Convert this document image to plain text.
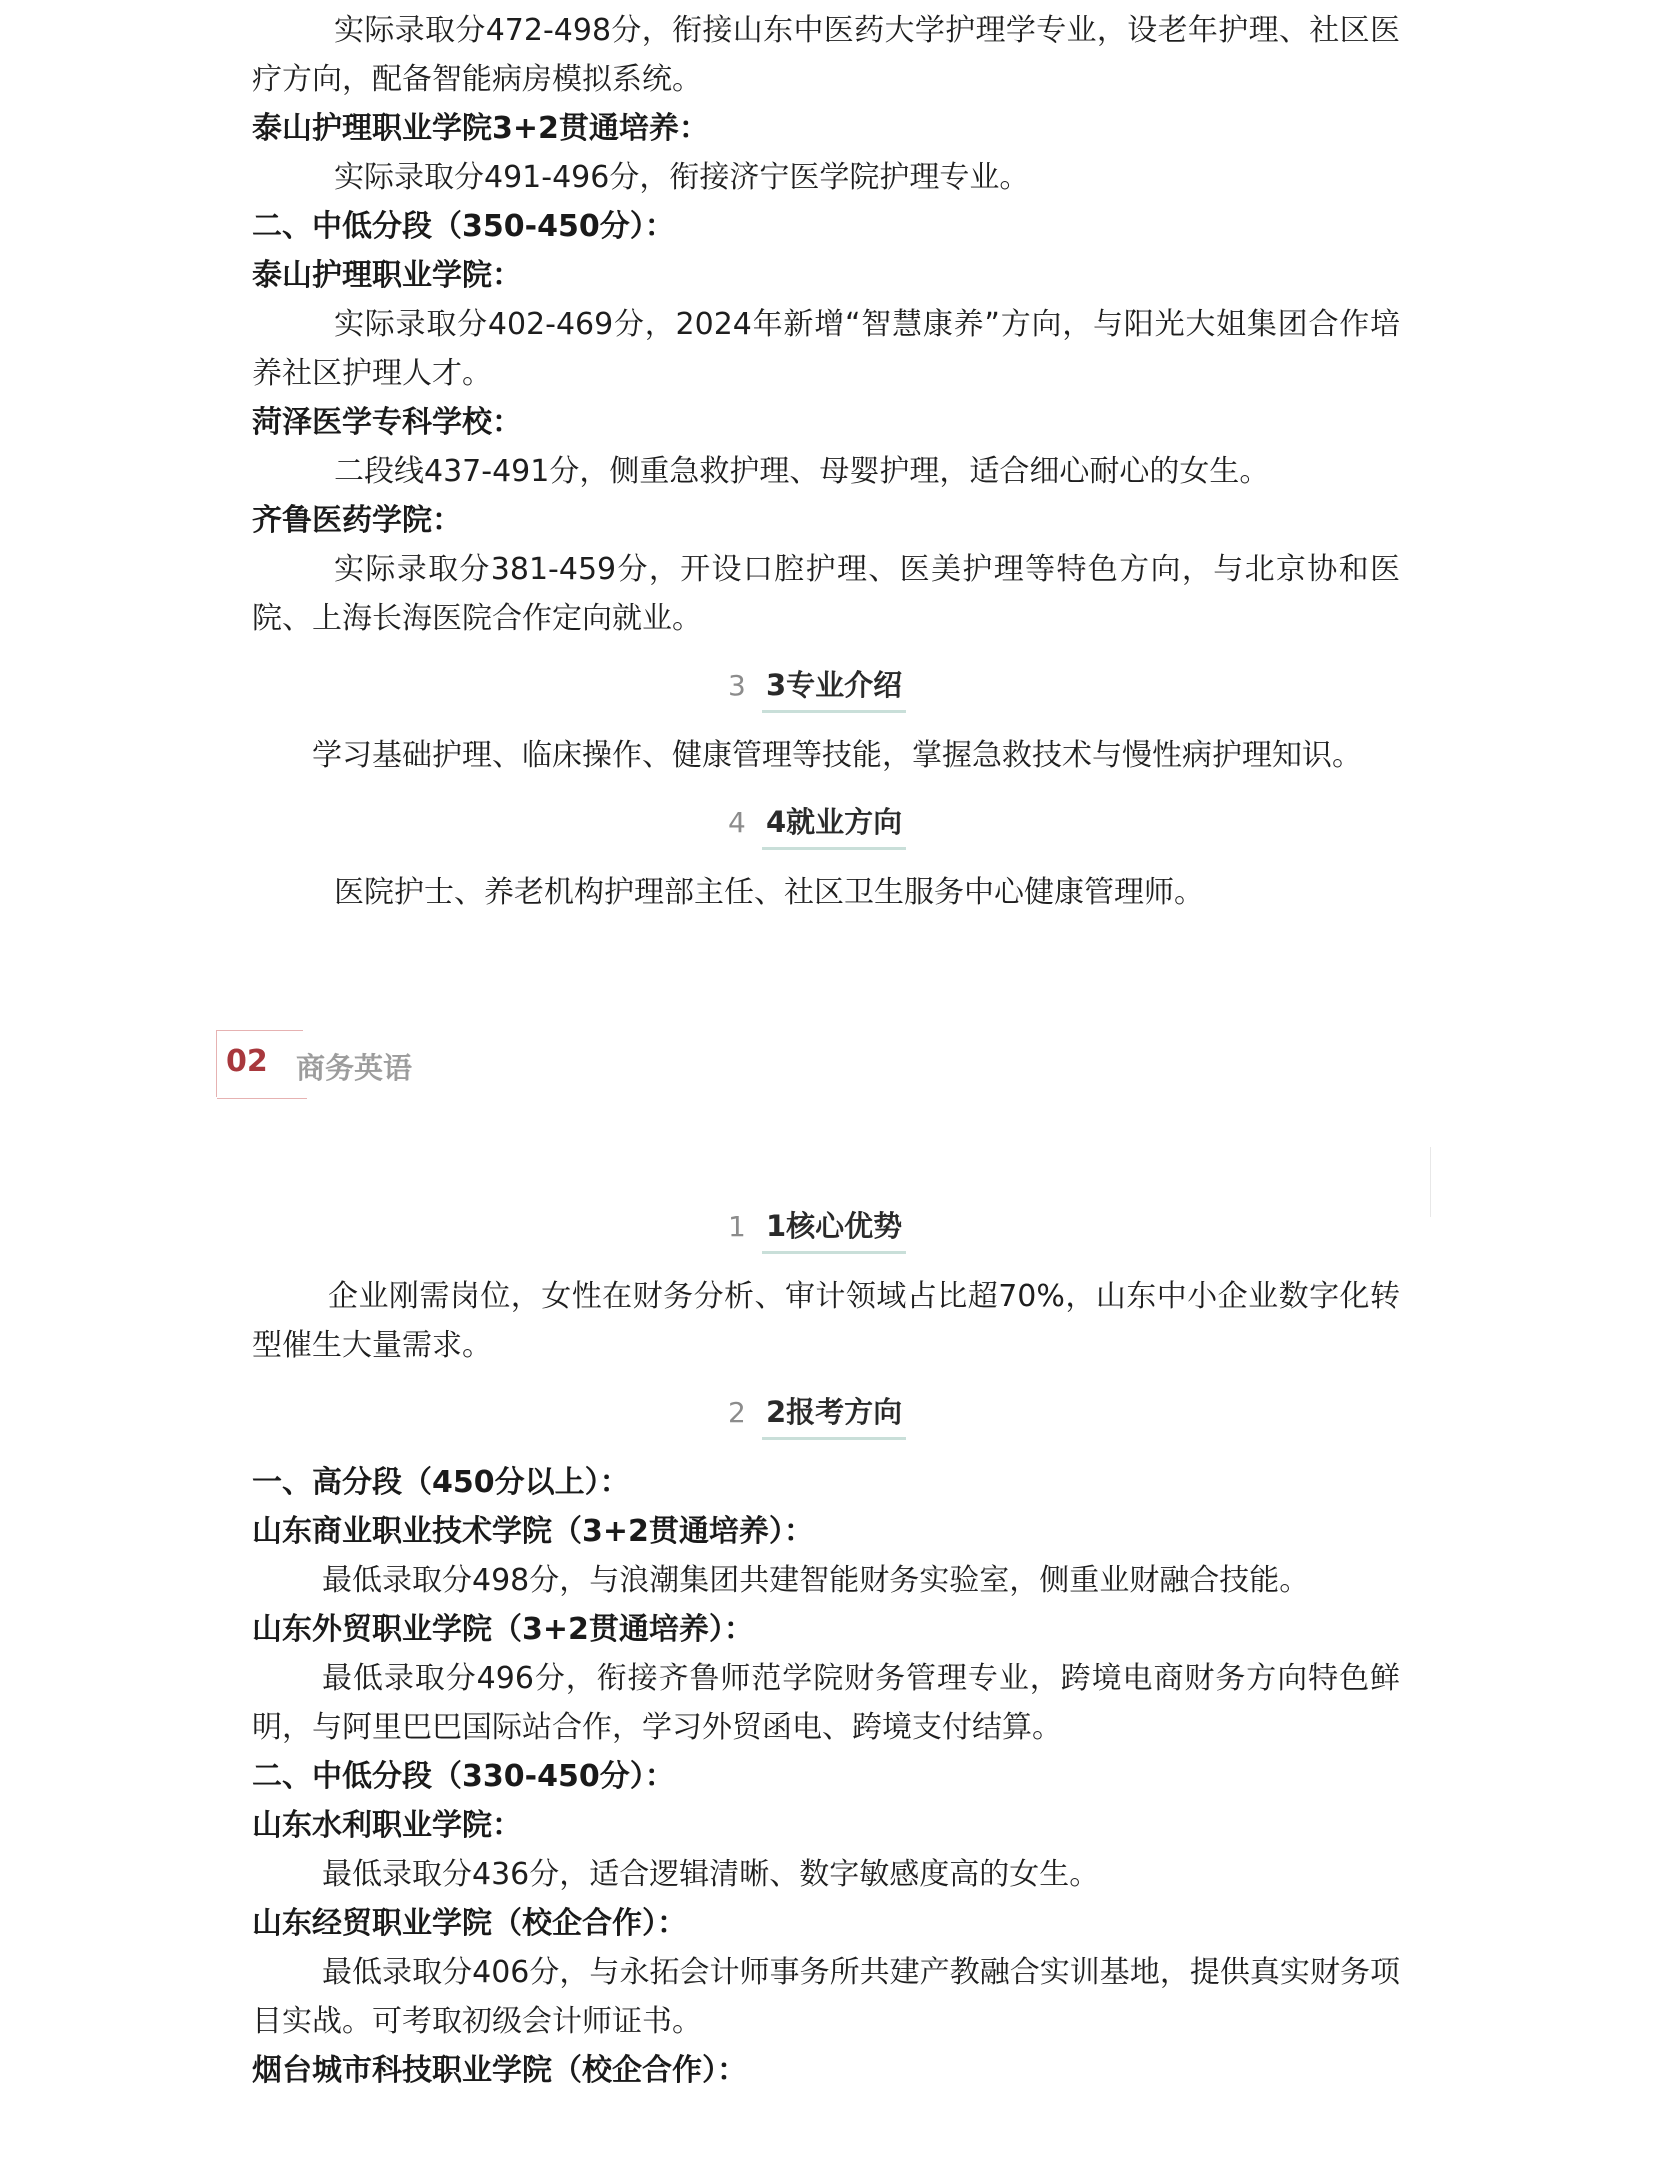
实际录取分472-498分，衔接山东中医药大学护理学专业，设老年护理、社区医疗方向，配备智能病房模拟系统。

泰山护理职业学院3+2贯通培养：

实际录取分491-496分，衔接济宁医学院护理专业。

二、中低分段（350-450分）：

泰山护理职业学院：

实际录取分402-469分，2024年新增“智慧康养”方向，与阳光大姐集团合作培养社区护理人才。

菏泽医学专科学校：

二段线437-491分，侧重急救护理、母婴护理，适合细心耐心的女生。

齐鲁医药学院：

实际录取分381-459分，开设口腔护理、医美护理等特色方向，与北京协和医院、上海长海医院合作定向就业。

3 3专业介绍

学习基础护理、临床操作、健康管理等技能，掌握急救技术与慢性病护理知识。

4 4就业方向

医院护士、养老机构护理部主任、社区卫生服务中心健康管理师。

02 商务英语
1 1核心优势

企业刚需岗位，女性在财务分析、审计领域占比超70%，山东中小企业数字化转型催生大量需求。

2 2报考方向

一、高分段（450分以上）：

山东商业职业技术学院（3+2贯通培养）：

最低录取分498分，与浪潮集团共建智能财务实验室，侧重业财融合技能。

山东外贸职业学院（3+2贯通培养）：

最低录取分496分，衔接齐鲁师范学院财务管理专业，跨境电商财务方向特色鲜明，与阿里巴巴国际站合作，学习外贸函电、跨境支付结算。

二、中低分段（330-450分）：

山东水利职业学院：

最低录取分436分，适合逻辑清晰、数字敏感度高的女生。

山东经贸职业学院（校企合作）：

最低录取分406分，与永拓会计师事务所共建产教融合实训基地，提供真实财务项目实战。可考取初级会计师证书。

烟台城市科技职业学院（校企合作）：
